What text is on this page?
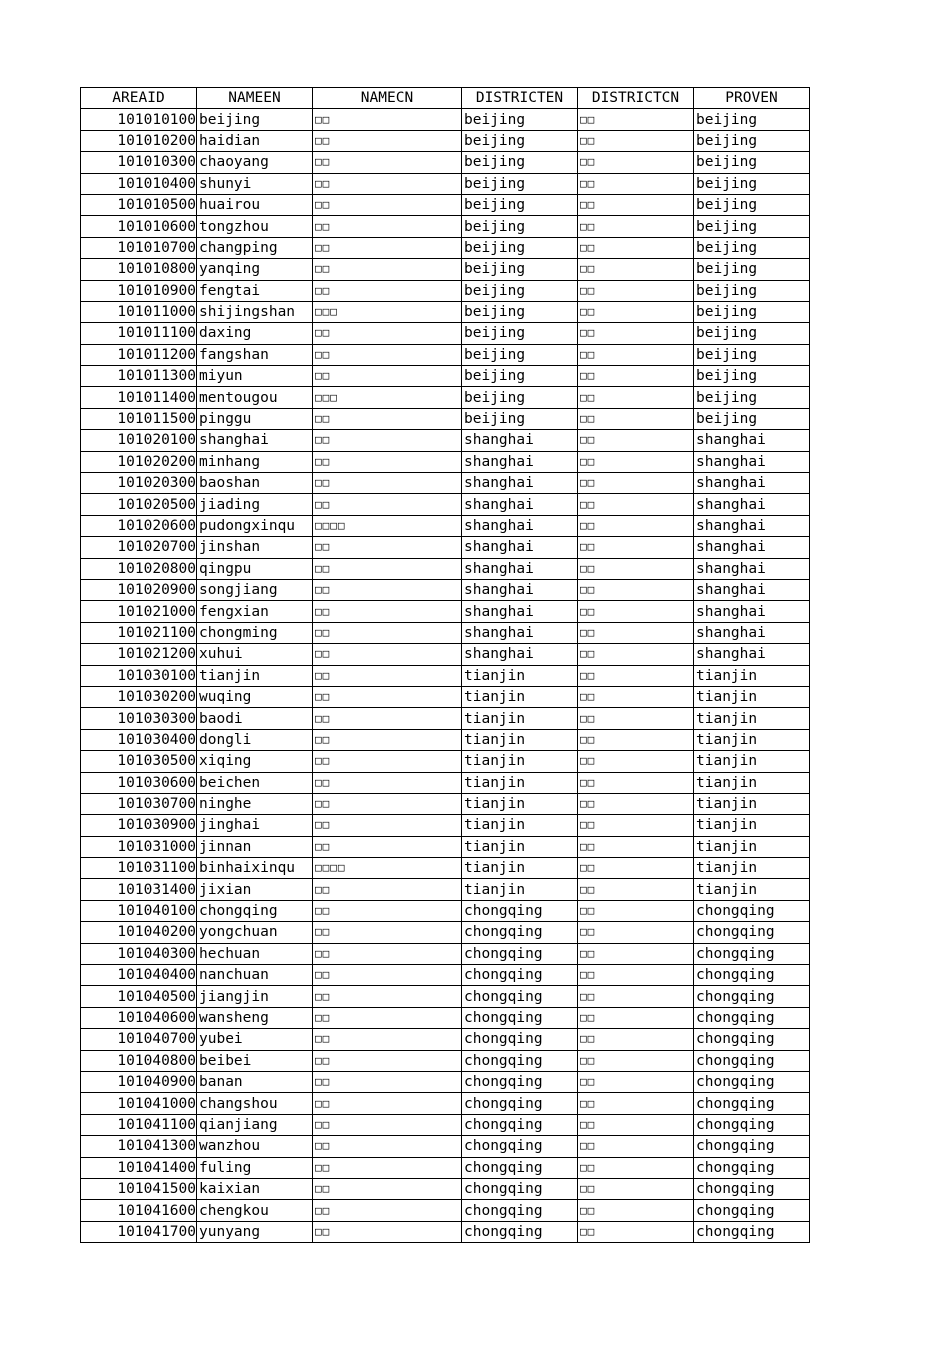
AREAID	NAMEEN	NAMECN	DISTRICTEN	DISTRICTCN	PROVEN
101010100	beijing	□□	beijing	□□	beijing
101010200	haidian	□□	beijing	□□	beijing
101010300	chaoyang	□□	beijing	□□	beijing
101010400	shunyi	□□	beijing	□□	beijing
101010500	huairou	□□	beijing	□□	beijing
101010600	tongzhou	□□	beijing	□□	beijing
101010700	changping	□□	beijing	□□	beijing
101010800	yanqing	□□	beijing	□□	beijing
101010900	fengtai	□□	beijing	□□	beijing
101011000	shijingshan	□□□	beijing	□□	beijing
101011100	daxing	□□	beijing	□□	beijing
101011200	fangshan	□□	beijing	□□	beijing
101011300	miyun	□□	beijing	□□	beijing
101011400	mentougou	□□□	beijing	□□	beijing
101011500	pinggu	□□	beijing	□□	beijing
101020100	shanghai	□□	shanghai	□□	shanghai
101020200	minhang	□□	shanghai	□□	shanghai
101020300	baoshan	□□	shanghai	□□	shanghai
101020500	jiading	□□	shanghai	□□	shanghai
101020600	pudongxinqu	□□□□	shanghai	□□	shanghai
101020700	jinshan	□□	shanghai	□□	shanghai
101020800	qingpu	□□	shanghai	□□	shanghai
101020900	songjiang	□□	shanghai	□□	shanghai
101021000	fengxian	□□	shanghai	□□	shanghai
101021100	chongming	□□	shanghai	□□	shanghai
101021200	xuhui	□□	shanghai	□□	shanghai
101030100	tianjin	□□	tianjin	□□	tianjin
101030200	wuqing	□□	tianjin	□□	tianjin
101030300	baodi	□□	tianjin	□□	tianjin
101030400	dongli	□□	tianjin	□□	tianjin
101030500	xiqing	□□	tianjin	□□	tianjin
101030600	beichen	□□	tianjin	□□	tianjin
101030700	ninghe	□□	tianjin	□□	tianjin
101030900	jinghai	□□	tianjin	□□	tianjin
101031000	jinnan	□□	tianjin	□□	tianjin
101031100	binhaixinqu	□□□□	tianjin	□□	tianjin
101031400	jixian	□□	tianjin	□□	tianjin
101040100	chongqing	□□	chongqing	□□	chongqing
101040200	yongchuan	□□	chongqing	□□	chongqing
101040300	hechuan	□□	chongqing	□□	chongqing
101040400	nanchuan	□□	chongqing	□□	chongqing
101040500	jiangjin	□□	chongqing	□□	chongqing
101040600	wansheng	□□	chongqing	□□	chongqing
101040700	yubei	□□	chongqing	□□	chongqing
101040800	beibei	□□	chongqing	□□	chongqing
101040900	banan	□□	chongqing	□□	chongqing
101041000	changshou	□□	chongqing	□□	chongqing
101041100	qianjiang	□□	chongqing	□□	chongqing
101041300	wanzhou	□□	chongqing	□□	chongqing
101041400	fuling	□□	chongqing	□□	chongqing
101041500	kaixian	□□	chongqing	□□	chongqing
101041600	chengkou	□□	chongqing	□□	chongqing
101041700	yunyang	□□	chongqing	□□	chongqing
